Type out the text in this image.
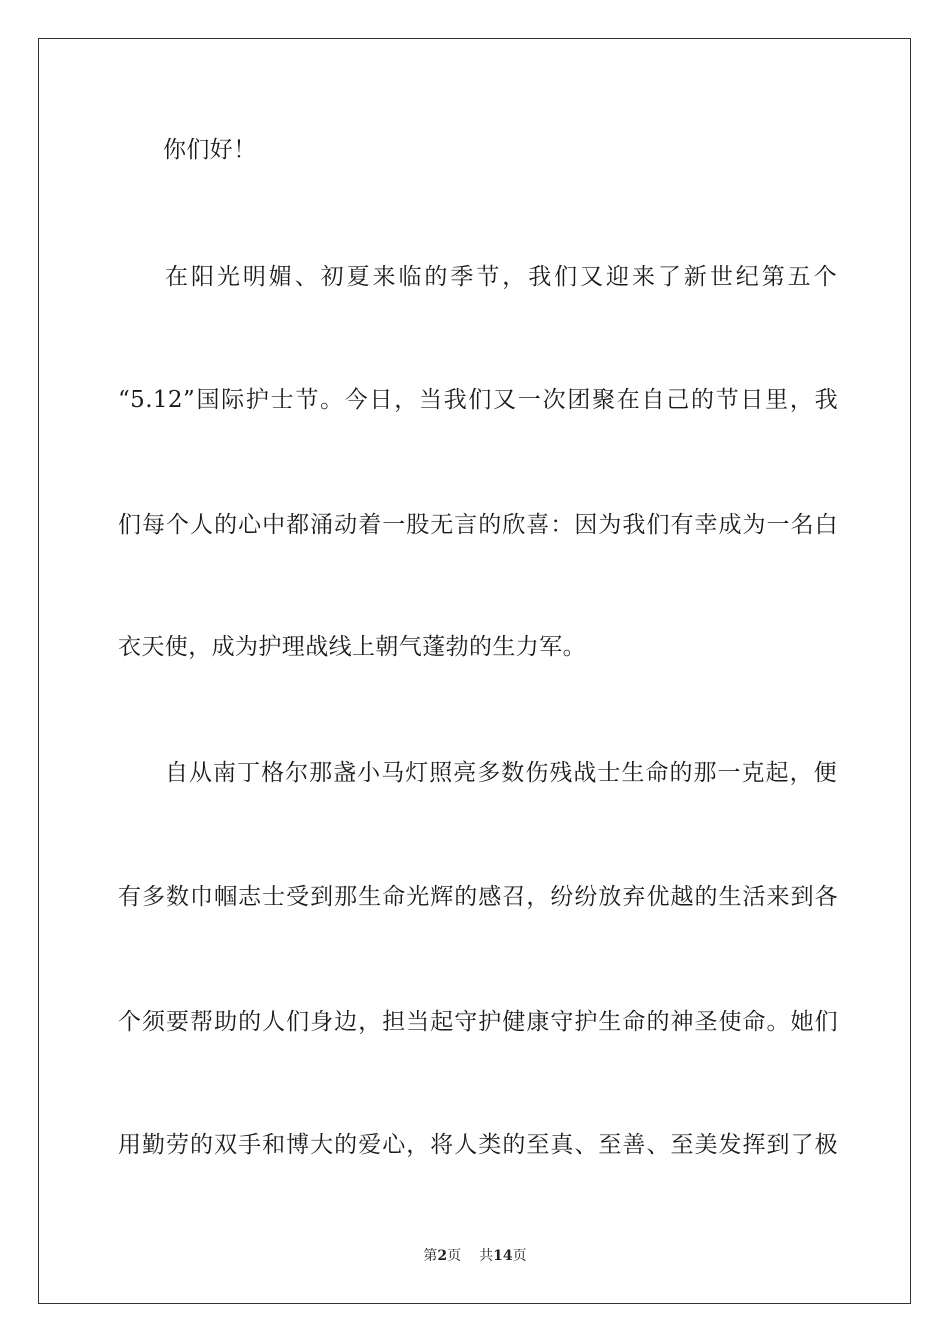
你们好！
在阳光明媚、初夏来临的季节，我们又迎来了新世纪第五个
“5.12”国际护士节。今日，当我们又一次团聚在自己的节日里，我
们每个人的心中都涌动着一股无言的欣喜：因为我们有幸成为一名白
衣天使，成为护理战线上朝气蓬勃的生力军。
自从南丁格尔那盏小马灯照亮多数伤残战士生命的那一克起，便
有多数巾帼志士受到那生命光辉的感召，纷纷放弃优越的生活来到各
个须要帮助的人们身边，担当起守护健康守护生命的神圣使命。她们
用勤劳的双手和博大的爱心，将人类的至真、至善、至美发挥到了极
第2页 共14页
